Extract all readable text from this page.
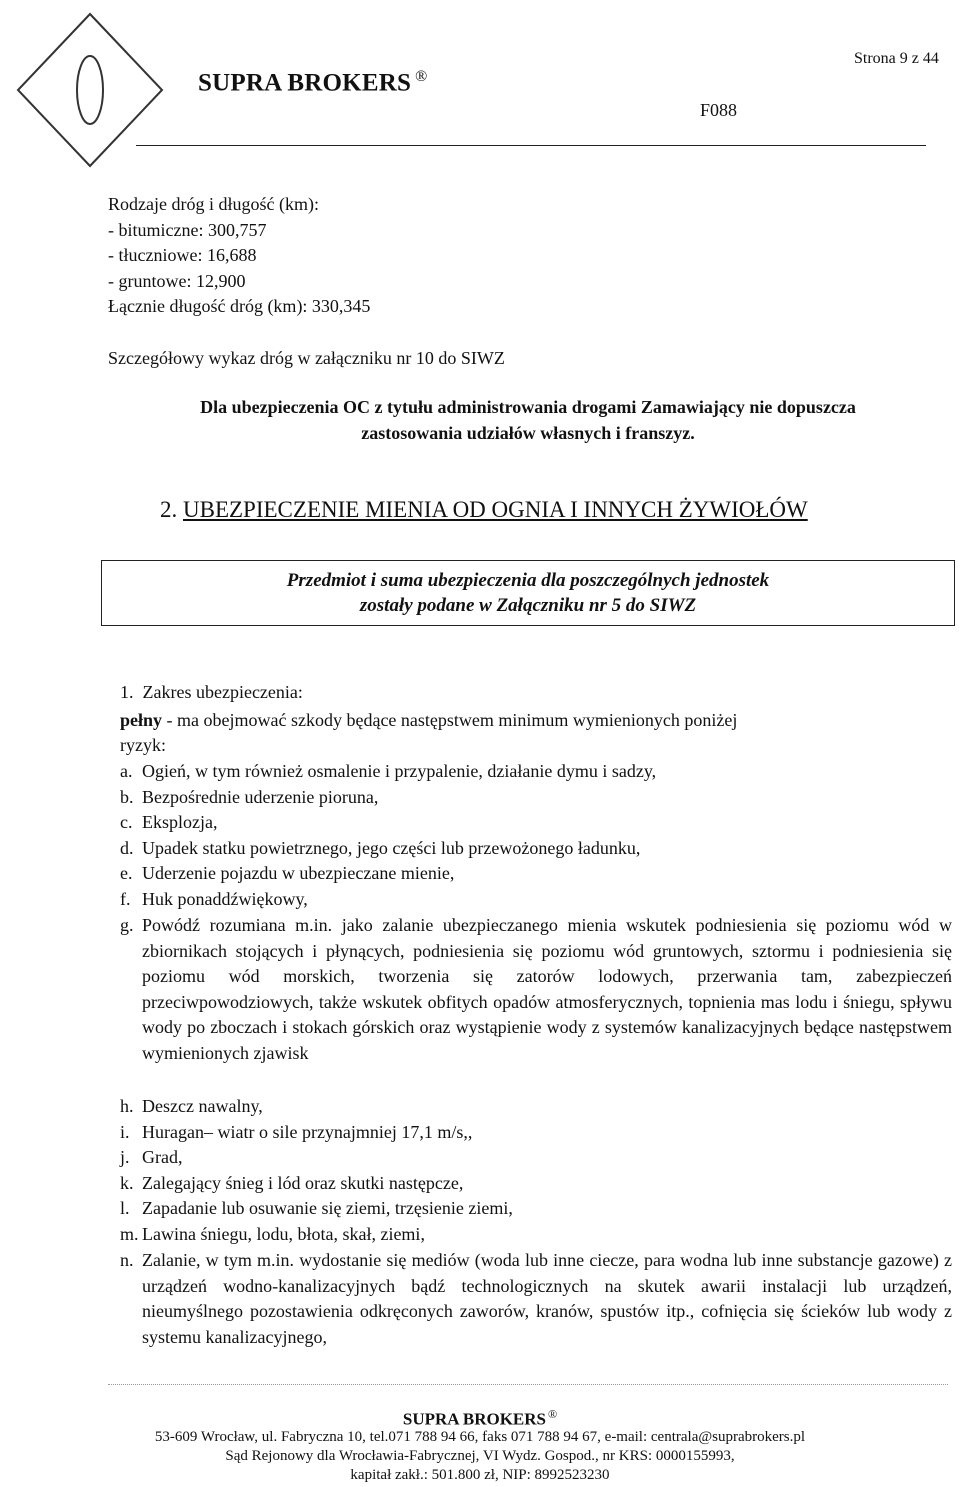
SUPRA BROKERS ®
Strona 9 z 44
F088
Rodzaje dróg i długość (km):
- bitumiczne: 300,757
- tłuczniowe: 16,688
- gruntowe: 12,900
Łącznie długość dróg (km): 330,345
Szczegółowy wykaz dróg w załączniku nr 10 do SIWZ
Dla ubezpieczenia OC z tytułu administrowania drogami Zamawiający nie dopuszcza
zastosowania udziałów własnych i franszyz.
2. UBEZPIECZENIE MIENIA OD OGNIA I INNYCH ŻYWIOŁÓW
Przedmiot i suma ubezpieczenia dla poszczególnych jednostek
zostały podane w Załączniku nr 5 do SIWZ
1.  Zakres ubezpieczenia:
pełny - ma obejmować szkody będące następstwem minimum wymienionych poniżej
ryzyk:
a. Ogień, w tym również osmalenie i przypalenie, działanie dymu i sadzy,
b. Bezpośrednie uderzenie pioruna,
c. Eksplozja,
d. Upadek statku powietrznego, jego części lub przewożonego ładunku,
e. Uderzenie pojazdu w ubezpieczane mienie,
f. Huk ponaddźwiękowy,
g. Powódź rozumiana m.in. jako zalanie ubezpieczanego mienia wskutek podniesienia się poziomu wód w zbiornikach stojących i płynących, podniesienia się poziomu wód gruntowych, sztormu i podniesienia się poziomu wód morskich, tworzenia się zatorów lodowych, przerwania tam, zabezpieczeń przeciwpowodziowych, także wskutek obfitych opadów atmosferycznych, topnienia mas lodu i śniegu, spływu wody po zboczach i stokach górskich oraz wystąpienie wody z systemów kanalizacyjnych będące następstwem wymienionych zjawisk
h. Deszcz nawalny,
i. Huragan– wiatr o sile przynajmniej 17,1 m/s,,
j. Grad,
k. Zalegający śnieg i lód oraz skutki następcze,
l. Zapadanie lub osuwanie się ziemi, trzęsienie ziemi,
m. Lawina śniegu, lodu, błota, skał, ziemi,
n. Zalanie, w tym m.in. wydostanie się mediów (woda lub inne ciecze, para wodna lub inne substancje gazowe) z urządzeń wodno-kanalizacyjnych bądź technologicznych na skutek awarii instalacji lub urządzeń, nieumyślnego pozostawienia odkręconych zaworów, kranów, spustów itp., cofnięcia się ścieków lub wody z systemu kanalizacyjnego,
SUPRA BROKERS ®
53-609 Wrocław, ul. Fabryczna 10, tel.071 788 94 66, faks 071 788 94 67, e-mail: centrala@suprabrokers.pl
Sąd Rejonowy dla Wrocławia-Fabrycznej, VI Wydz. Gospod., nr KRS: 0000155993,
kapitał zakł.: 501.800 zł, NIP: 8992523230
